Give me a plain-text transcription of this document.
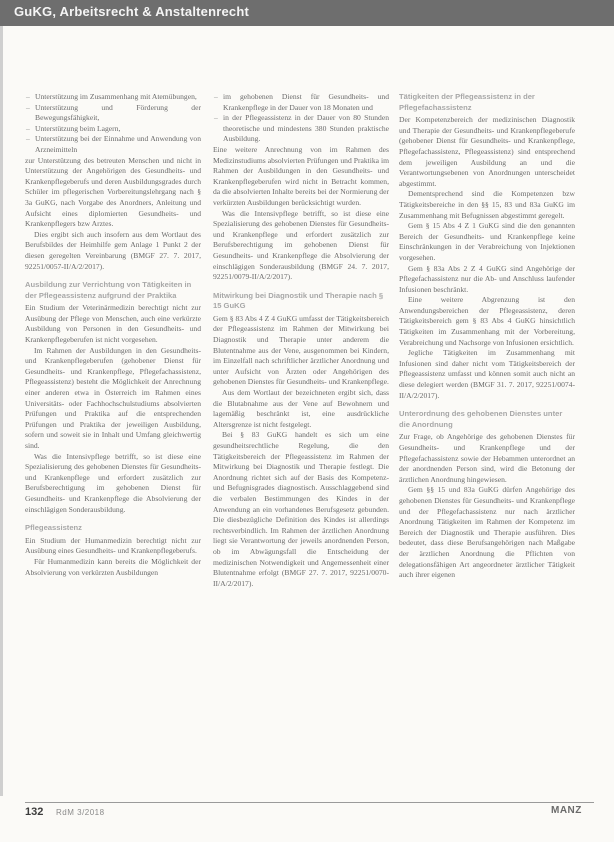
GuKG, Arbeitsrecht & Anstaltenrecht
– Unterstützung im Zusammenhang mit Atemübungen,
– Unterstützung und Förderung der Bewegungsfähigkeit,
– Unterstützung beim Lagern,
– Unterstützung bei der Einnahme und Anwendung von Arzneimitteln

zur Unterstützung des betreuten Menschen und nicht in Unterstützung der Angehörigen des Gesundheits- und Krankenpflegeberufs und deren Ausbildungsgrades durch Schüler im pflegerischen Vorbereitungslehrgang nach § 3a GuKG, nach Vorgabe des Anordners, Anleitung und Aufsicht eines diplomierten Gesundheits- und Krankenpflegers bzw Arztes.

Dies ergibt sich auch insofern aus dem Wortlaut des Berufsbildes der Heimhilfe gem Anlage 1 Punkt 2 der diesen geregelten Vereinbarung (BMGF 27. 7. 2017, 92251/0057-II/A/2/2017).

Ausbildung zur Verrichtung von Tätigkeiten in der Pflegeassistenz aufgrund der Praktika

Ein Studium der Veterinärmedizin berechtigt nicht zur Ausübung der Pflege von Menschen, auch eine verkürzte Ausbildung von Personen in den Gesundheits- und Krankenpflegeberufen ist nicht vorgesehen.

Im Rahmen der Ausbildungen in den Gesundheits- und Krankenpflegeberufen (gehobener Dienst für Gesundheits- und Krankenpflege, Pflegefachassistenz, Pflegeassistenz) besteht die Möglichkeit der Anrechnung einer anderen etwa in Österreich im Rahmen eines Universitäts- oder Fachhochschulstudiums absolvierten Prüfungen und Praktika auf die entsprechenden Prüfungen und Praktika der jeweiligen Ausbildung, sofern und soweit sie in Inhalt und Umfang gleichwertig sind.

Was die Intensivpflege betrifft, so ist diese eine Spezialisierung des gehobenen Dienstes für Gesundheits- und Krankenpflege und erfordert zusätzlich zur Berufsberechtigung im gehobenen Dienst für Gesundheits- und Krankenpflege die Absolvierung der einschlägigen Sonderausbildung.

Pflegeassistenz

Ein Studium der Humanmedizin berechtigt nicht zur Ausübung eines Gesundheits- und Krankenpflegeberufs.

Für Humanmedizin kann bereits die Möglichkeit der Absolvierung von verkürzten Ausbildungen

– im gehobenen Dienst für Gesundheits- und Krankenpflege in der Dauer von 18 Monaten und
– in der Pflegeassistenz in der Dauer von 80 Stunden theoretische und mindestens 380 Stunden praktische Ausbildung.

Eine weitere Anrechnung von im Rahmen des Medizinstudiums absolvierten Prüfungen und Praktika im Rahmen der Ausbildungen in den Gesundheits- und Krankenpflegeberufen wird nicht in Betracht kommen, da die absolvierten Inhalte bereits bei der Normierung der verkürzten Ausbildungen berücksichtigt wurden.

Was die Intensivpflege betrifft, so ist diese eine Spezialisierung des gehobenen Dienstes für Gesundheits- und Krankenpflege und erfordert zusätzlich zur Berufsberechtigung im gehobenen Dienst für Gesundheits- und Krankenpflege die Absolvierung der einschlägigen Sonderausbildung (BMGF 24. 7. 2017, 92251/0079-II/A/2/2017).

Mitwirkung bei Diagnostik und Therapie nach § 15 GuKG

Gem § 83 Abs 4 Z 4 GuKG umfasst der Tätigkeitsbereich der Pflegeassistenz im Rahmen der Mitwirkung bei Diagnostik und Therapie unter anderem die Blutentnahme aus der Vene, ausgenommen bei Kindern, im Einzelfall nach schriftlicher ärztlicher Anordnung und unter Aufsicht von Ärzten oder Angehörigen des gehobenen Dienstes für Gesundheits- und Krankenpflege.

Aus dem Wortlaut der bezeichneten ergibt sich, dass die Blutabnahme aus der Vene auf Bewohnern und lagemäßig beschränkt ist, eine ausdrückliche Altersgrenze ist nicht festgelegt.

Bei § 83 GuKG handelt es sich um eine gesundheitsrechtliche Regelung, die den Tätigkeitsbereich der Pflegeassistenz im Rahmen der Mitwirkung bei Diagnostik und Therapie festlegt. Die Anordnung richtet sich auf der Basis des Kompetenz- und Befugnisgrades diagnostisch. Ausschlaggebend sind die verbalen Bestimmungen des Kindes in der Anwendung an ein vorhandenes Berufsgesetz gebunden. Die diesbezügliche Definition des Kindes ist allerdings rechtsverbindlich. Im Rahmen der ärztlichen Anordnung liegt sie Verantwortung der jeweils anordnenden Person, ob im Abwägungsfall die Entscheidung der medizinischen Notwendigkeit und Angemessenheit einer Blutentnahme erfolgt (BMGF 27. 7. 2017, 92251/0070-II/A/2/2017).

Tätigkeiten der Pflegeassistenz in der Pflegefachassistenz

Der Kompetenzbereich der medizinischen Diagnostik und Therapie der Gesundheits- und Krankenpflegeberufe (gehobener Dienst für Gesundheits- und Krankenpflege, Pflegefachassistenz, Pflegeassistenz) sind entsprechend dem jeweiligen Ausbildung an und die Verantwortungsebenen von Anordnungen unterscheidet abgestimmt.

Dementsprechend sind die Kompetenzen bzw Tätigkeitsbereiche in den §§ 15, 83 und 83a GuKG im Zusammenhang mit Befugnissen abgestimmt geregelt.

Gem § 15 Abs 4 Z 1 GuKG sind die den genannten Bereich der Gesundheits- und Krankenpflege keine Einschränkungen in der Verabreichung von Injektionen vorgesehen.

Gem § 83a Abs 2 Z 4 GuKG sind Angehörige der Pflegefachassistenz nur die Ab- und Anschluss laufender Infusionen beschränkt.

Eine weitere Abgrenzung ist den Anwendungsbereichen der Pflegeassistenz, deren Tätigkeitsbereich gem § 83 Abs 4 GuKG hinsichtlich Tätigkeiten im Zusammenhang mit der Vorbereitung, Verabreichung und Nachsorge von Infusionen ersichtlich.

Jegliche Tätigkeiten im Zusammenhang mit Infusionen sind daher nicht vom Tätigkeitsbereich der Pflegeassistenz umfasst und können somit auch nicht an diese delegiert werden (BMGF 31. 7. 2017, 92251/0074-II/A/2/2017).

Unterordnung des gehobenen Dienstes unter die Anordnung

Zur Frage, ob Angehörige des gehobenen Dienstes für Gesundheits- und Krankenpflege und der Pflegefachassistenz sowie der Hebammen unterordnet an der anordnenden Person sind, wird die Betonung der ärztlichen Anordnung hingewiesen.

Gem §§ 15 und 83a GuKG dürfen Angehörige des gehobenen Dienstes für Gesundheits- und Krankenpflege und der Pflegefachassistenz nur nach ärztlicher Anordnung Tätigkeiten im Rahmen der Kompetenz im Bereich der Diagnostik und Therapie ausführen. Dies bedeutet, dass diese Berufsangehörigen nach Maßgabe der ärztlichen Anordnung die Pflichten von delegationsfähigen Art angeordneter ärztlicher Tätigkeit auch ihrer eigenen

132 RdM 3/2018	MANZ
